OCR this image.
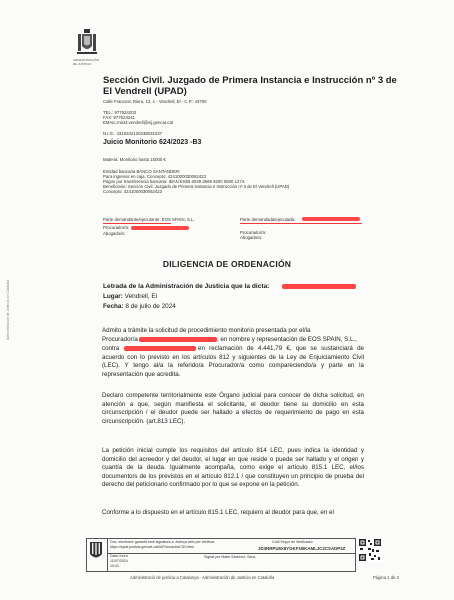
ADMINISTRACIÓN
DE JUSTICIA
Sección Civil. Juzgado de Primera Instancia e Instrucción nº 3 de El Vendrell (UPAD)
Calle Francesc Riera, 13, 1 - Vendrell, El - C.P.: 43700
TEL.: 977624203
FAX: 977624241
EMAIL:mixt3.vendrell@xij.gencat.cat
N.I.G.: 4316342120238031037
Juicio Monitorio 624/2023 -B3
Materia: Monitorio hasta 15000 €
Entidad bancaria BANCO SANTANDER:
Para ingresos en caja. Concepto: 4241000030062423
Pagos por transferencia bancaria: IBAN ES55 0049 3569 9200 0500 1274.
Beneficiario: Sección Civil. Juzgado de Primera Instancia e Instrucción nº 3 de El Vendrell (UPAD)
Concepto: 4241000030062423
Parte demandante/ejecutante: EOS SPAIN, S.L.
Procurador/a:
Abogado/a:
Parte demandada/ejecutada:
Procurador/a:
Abogado/a:
DILIGENCIA DE ORDENACIÓN
Letrada de la Administración de Justicia que la dicta:
Lugar: Vendrell, El
Fecha: 8 de julio de 2024
Admito a trámite la solicitud de procedimiento monitorio presentada por el/la
Procurador/a	, en nombre y representación de EOS SPAIN, S.L.,
contra	en reclamación de 4.441,79 €, que se sustanciará de acuerdo con lo previsto en los artículos 812 y siguientes de la Ley de Enjuiciamiento Civil (LEC). Y tengo al/a la referido/a Procurador/a como compareciendo/a y parte en la representación que acredita.
Declaro competente territorialmente este Órgano judicial para conocer de dicha solicitud, en atención a que, según manifiesta el solicitante, el deudor tiene su domicilio en esta circunscripción / el deudor puede ser hallado a efectos de requerimiento de pago en esta circunscripción. (art.813 LEC).
La petición inicial cumple los requisitos del artículo 814 LEC, pues indica la identidad y domicilio del acreedor y del deudor, el lugar en que reside o puede ser hallado y el origen y cuantía de la deuda. Igualmente acompaña, como exige el artículo 815.1 LEC, el/los documento/s de los previstos en el artículo 812.1 / que constituyen un principio de prueba del derecho del peticionario confirmado por lo que se expone en la petición.
Conforme a lo dispuesto en el artículo 815.1 LEC, requiero al deudor para que, en el
Doc. electrònic garantit amb signatura-e. Adreça web per verificar:
https://ejcat.justicia.gencat.cat/IAP/consultaCSV.html
Codi Segur de Verificació:
JD3NRPU5X8YGKF1BKAMLJC2CSADP2Z
Data i hora
11/07/2024
10:41
Signat per Matei Sánchez, Sara;
Administració de justícia a Catalunya · Administración de Justicia en Cataluña	Página 1 de 3
Administración de Justicia en Cataluña
